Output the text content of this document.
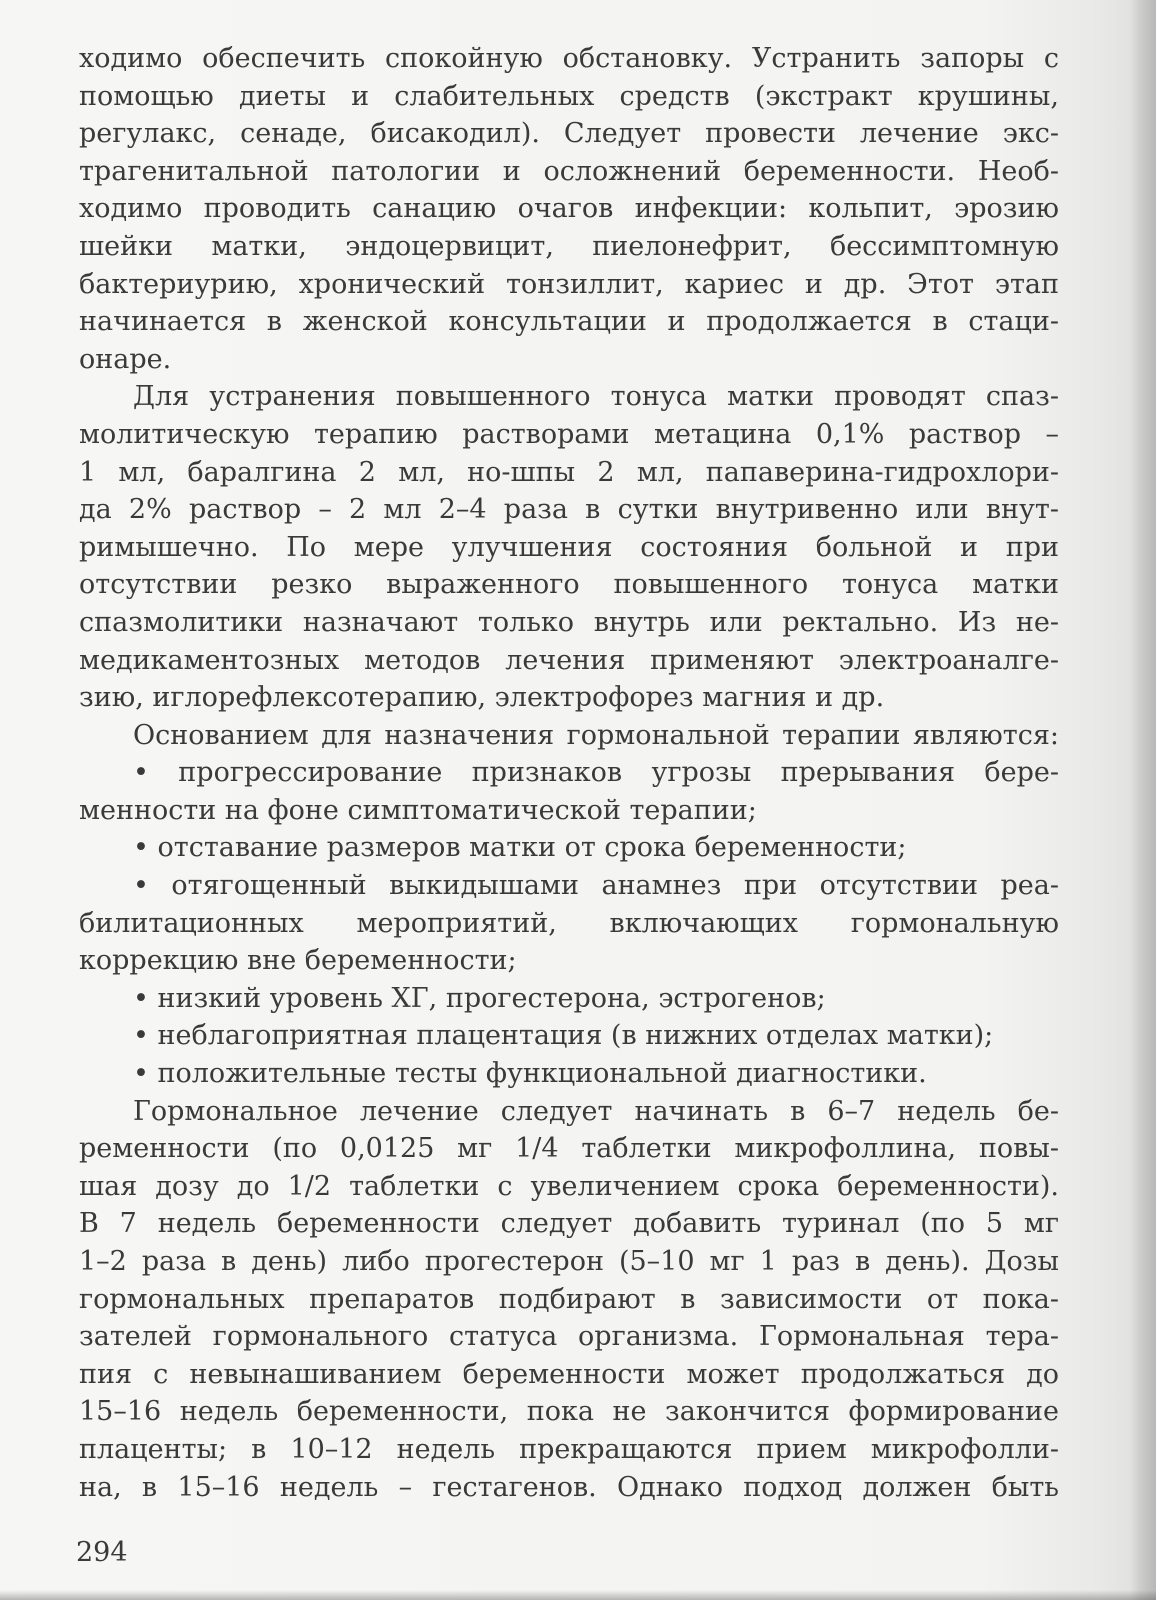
ходимо обеспечить спокойную обстановку. Устранить запоры с
помощью диеты и слабительных средств (экстракт крушины,
регулакс, сенаде, бисакодил). Следует провести лечение экс-
трагенитальной патологии и осложнений беременности. Необ-
ходимо проводить санацию очагов инфекции: кольпит, эрозию
шейки матки, эндоцервицит, пиелонефрит, бессимптомную
бактериурию, хронический тонзиллит, кариес и др. Этот этап
начинается в женской консультации и продолжается в стаци-
онаре.
Для устранения повышенного тонуса матки проводят спаз-
молитическую терапию растворами метацина 0,1% раствор –
1 мл, баралгина 2 мл, но-шпы 2 мл, папаверина-гидрохлори-
да 2% раствор – 2 мл 2–4 раза в сутки внутривенно или внут-
римышечно. По мере улучшения состояния больной и при
отсутствии резко выраженного повышенного тонуса матки
спазмолитики назначают только внутрь или ректально. Из не-
медикаментозных методов лечения применяют электроаналге-
зию, иглорефлексотерапию, электрофорез магния и др.
Основанием для назначения гормональной терапии являются:
• прогрессирование признаков угрозы прерывания бере-
менности на фоне симптоматической терапии;
• отставание размеров матки от срока беременности;
• отягощенный выкидышами анамнез при отсутствии реа-
билитационных мероприятий, включающих гормональную
коррекцию вне беременности;
• низкий уровень ХГ, прогестерона, эстрогенов;
• неблагоприятная плацентация (в нижних отделах матки);
• положительные тесты функциональной диагностики.
Гормональное лечение следует начинать в 6–7 недель бе-
ременности (по 0,0125 мг 1/4 таблетки микрофоллина, повы-
шая дозу до 1/2 таблетки с увеличением срока беременности).
В 7 недель беременности следует добавить туринал (по 5 мг
1–2 раза в день) либо прогестерон (5–10 мг 1 раз в день). Дозы
гормональных препаратов подбирают в зависимости от пока-
зателей гормонального статуса организма. Гормональная тера-
пия с невынашиванием беременности может продолжаться до
15–16 недель беременности, пока не закончится формирование
плаценты; в 10–12 недель прекращаются прием микрофолли-
на, в 15–16 недель – гестагенов. Однако подход должен быть
294
